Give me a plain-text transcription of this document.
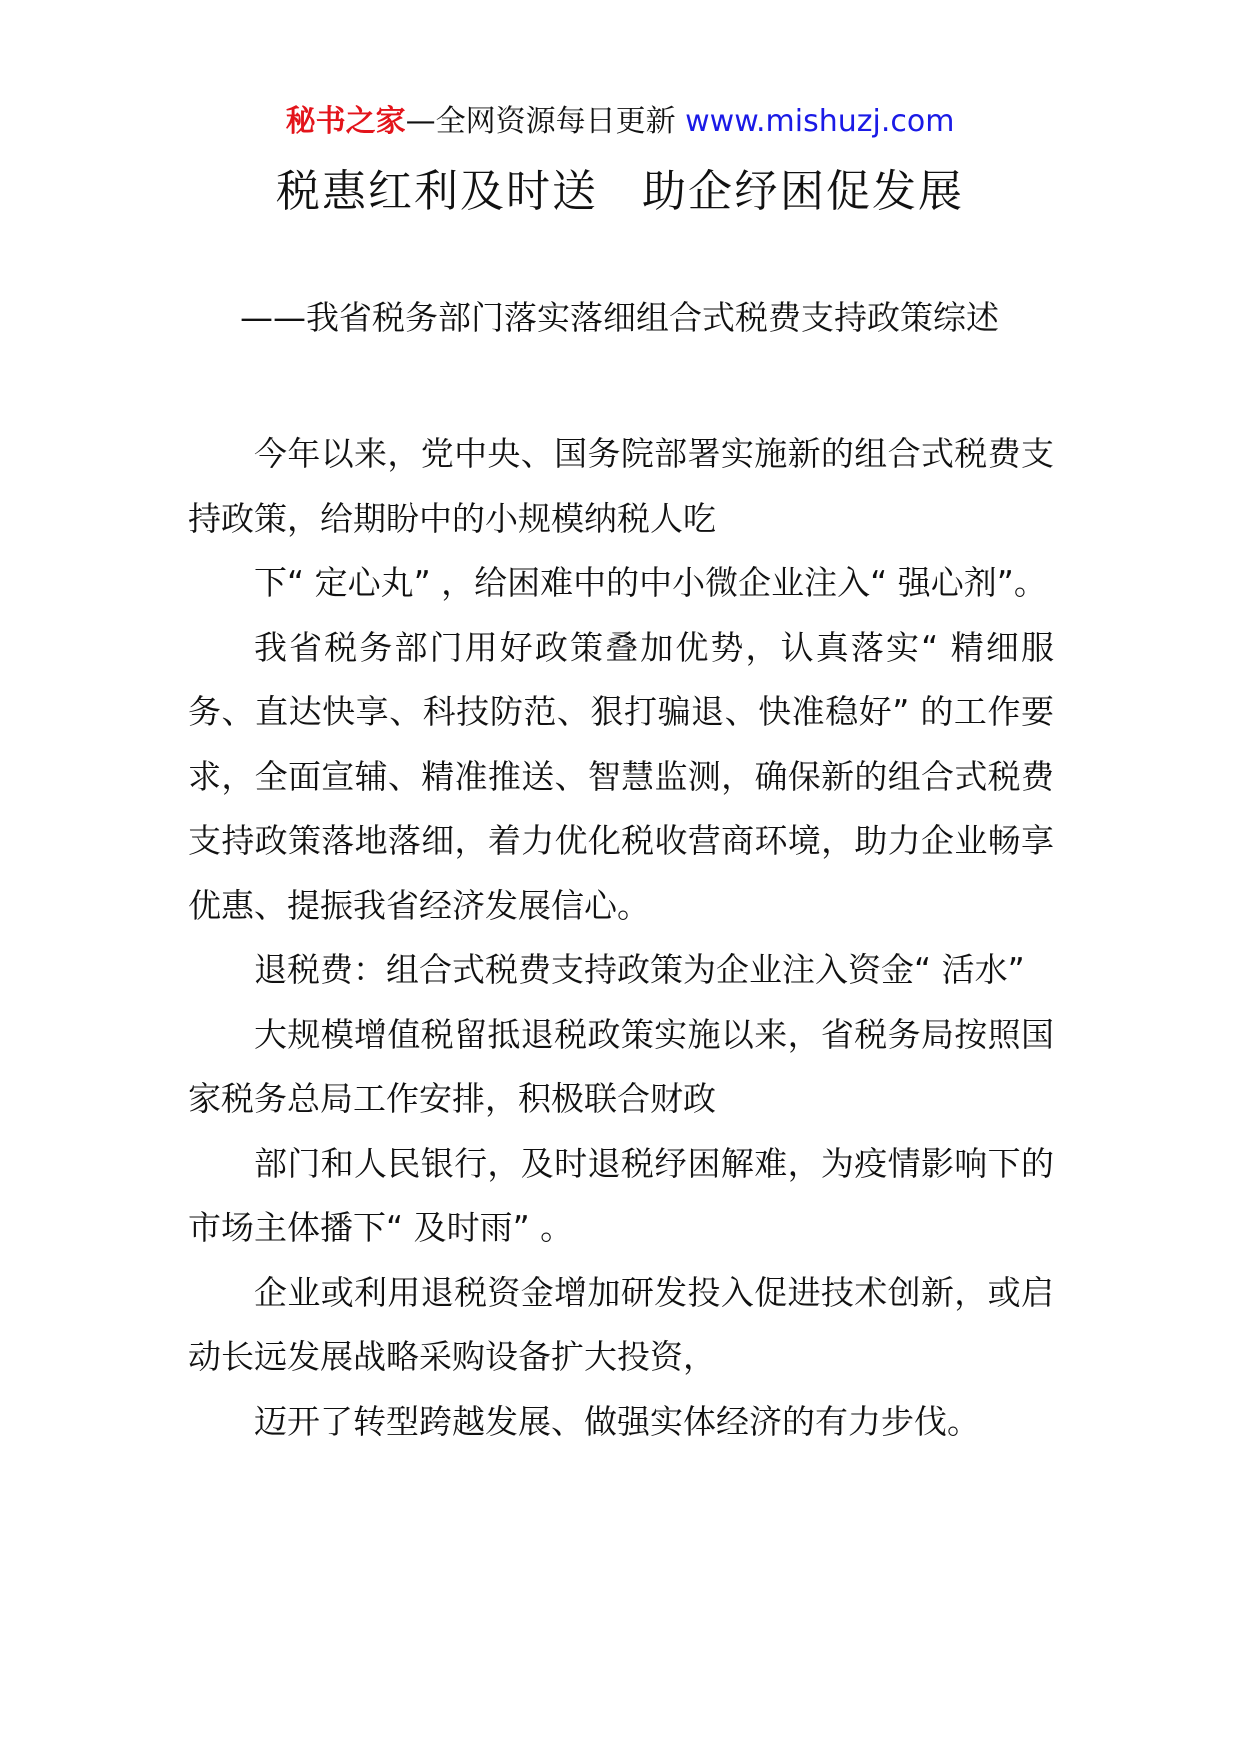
秘书之家—全网资源每日更新 www.mishuzj.com
税惠红利及时送 助企纾困促发展
——我省税务部门落实落细组合式税费支持政策综述

今年以来，党中央、国务院部署实施新的组合式税费支持政策，给期盼中的小规模纳税人吃

下“ 定心丸” ，给困难中的中小微企业注入“ 强心剂”。

我省税务部门用好政策叠加优势，认真落实“ 精细服务、直达快享、科技防范、狠打骗退、快准稳好” 的工作要求，全面宣辅、精准推送、智慧监测，确保新的组合式税费支持政策落地落细，着力优化税收营商环境，助力企业畅享优惠、提振我省经济发展信心。

退税费：组合式税费支持政策为企业注入资金“ 活水”

大规模增值税留抵退税政策实施以来，省税务局按照国家税务总局工作安排，积极联合财政

部门和人民银行，及时退税纾困解难，为疫情影响下的市场主体播下“ 及时雨” 。

企业或利用退税资金增加研发投入促进技术创新，或启动长远发展战略采购设备扩大投资，

迈开了转型跨越发展、做强实体经济的有力步伐。
